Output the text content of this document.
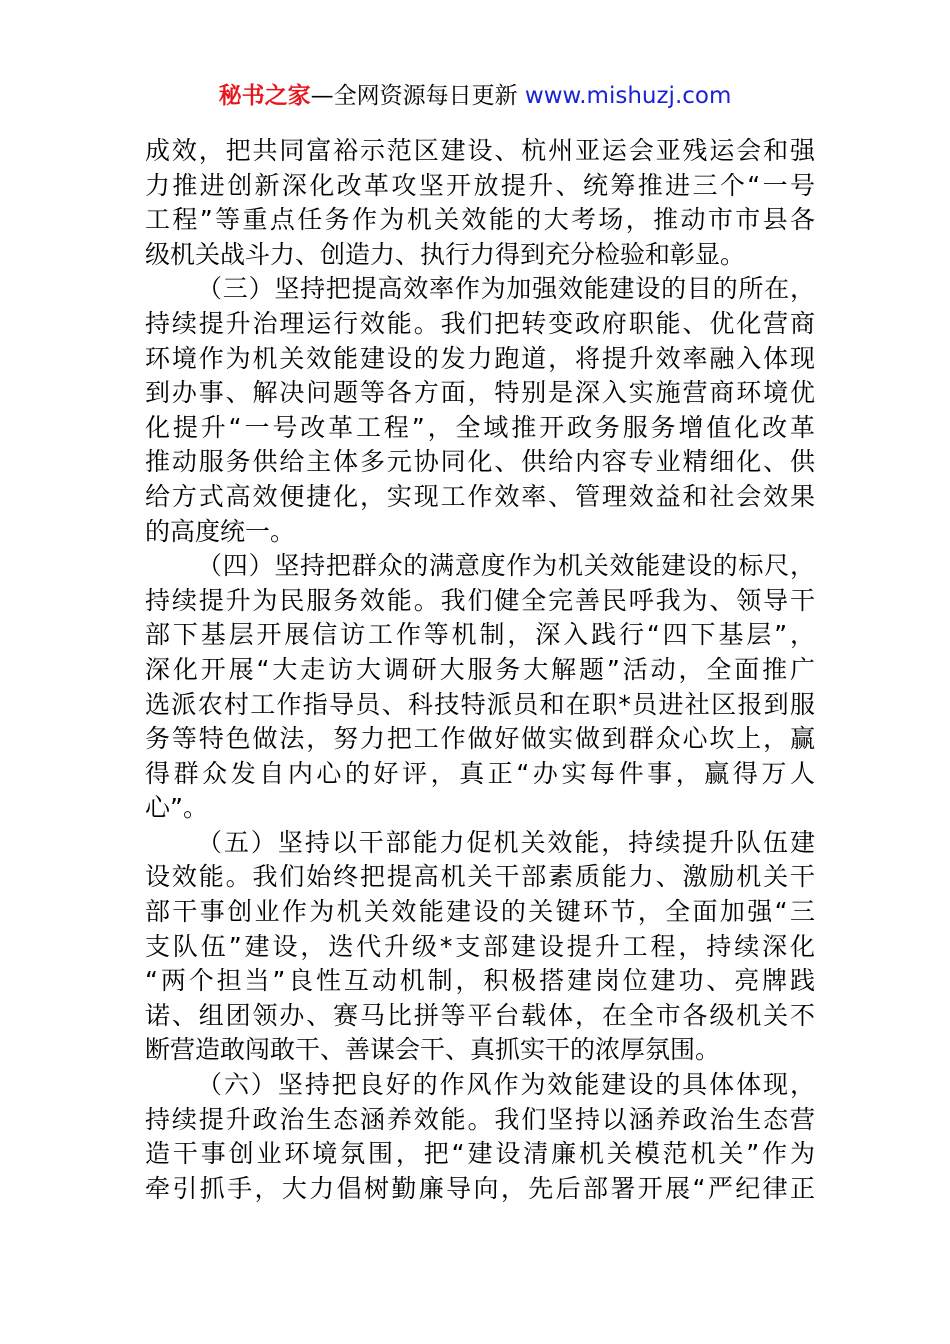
秘书之家—全网资源每日更新 www.mishuzj.com
成效，把共同富裕示范区建设、杭州亚运会亚残运会和强
力推进创新深化改革攻坚开放提升、统筹推进三个“一号
工程”等重点任务作为机关效能的大考场，推动市市县各
级机关战斗力、创造力、执行力得到充分检验和彰显。
（三）坚持把提高效率作为加强效能建设的目的所在，
持续提升治理运行效能。我们把转变政府职能、优化营商
环境作为机关效能建设的发力跑道，将提升效率融入体现
到办事、解决问题等各方面，特别是深入实施营商环境优
化提升“一号改革工程”，全域推开政务服务增值化改革
推动服务供给主体多元协同化、供给内容专业精细化、供
给方式高效便捷化，实现工作效率、管理效益和社会效果
的高度统一。
（四）坚持把群众的满意度作为机关效能建设的标尺，
持续提升为民服务效能。我们健全完善民呼我为、领导干
部下基层开展信访工作等机制，深入践行“四下基层”，
深化开展“大走访大调研大服务大解题”活动，全面推广
选派农村工作指导员、科技特派员和在职*员进社区报到服
务等特色做法，努力把工作做好做实做到群众心坎上，赢
得群众发自内心的好评，真正“办实每件事，赢得万人
心”。
（五）坚持以干部能力促机关效能，持续提升队伍建
设效能。我们始终把提高机关干部素质能力、激励机关干
部干事创业作为机关效能建设的关键环节，全面加强“三
支队伍”建设，迭代升级*支部建设提升工程，持续深化
“两个担当”良性互动机制，积极搭建岗位建功、亮牌践
诺、组团领办、赛马比拼等平台载体，在全市各级机关不
断营造敢闯敢干、善谋会干、真抓实干的浓厚氛围。
（六）坚持把良好的作风作为效能建设的具体体现，
持续提升政治生态涵养效能。我们坚持以涵养政治生态营
造干事创业环境氛围，把“建设清廉机关模范机关”作为
牵引抓手，大力倡树勤廉导向，先后部署开展“严纪律正
